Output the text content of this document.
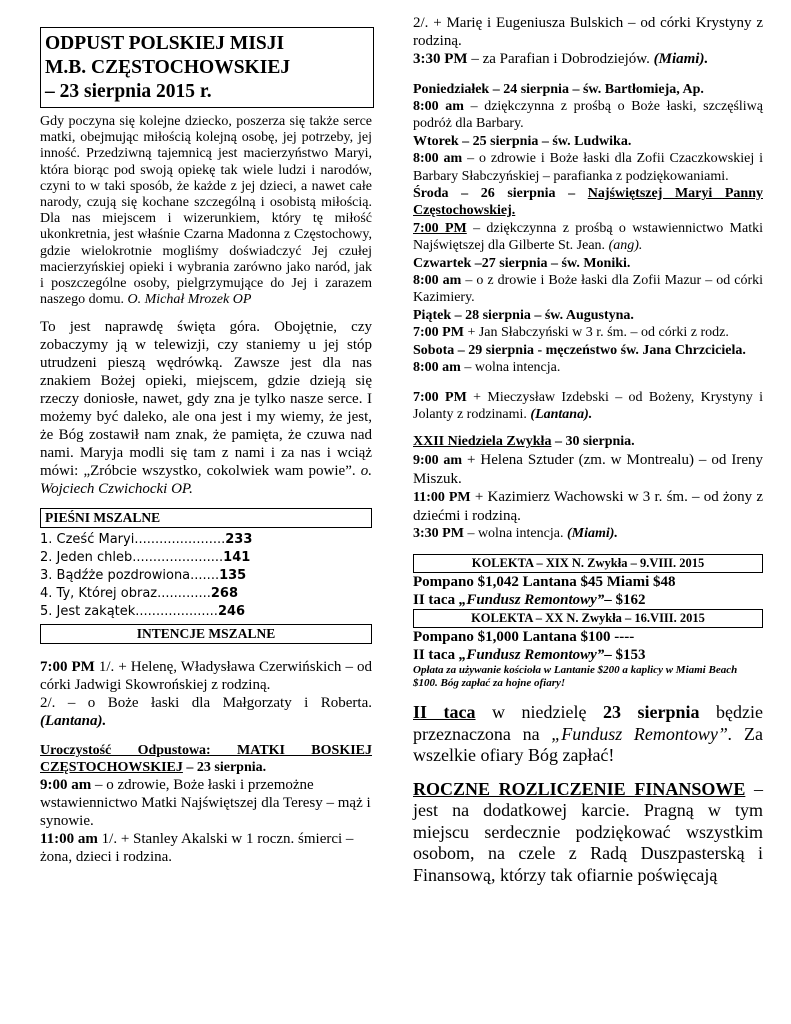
ODPUST POLSKIEJ MISJI
M.B. CZĘSTOCHOWSKIEJ
– 23 sierpnia 2015 r.

Gdy poczyna się kolejne dziecko, poszerza się także serce matki, obejmując miłością kolejną osobę, jej potrzeby, jej inność. Przedziwną tajemnicą jest macierzyństwo Maryi, która biorąc pod swoją opiekę tak wiele ludzi i narodów, czyni to w taki sposób, że każde z jej dzieci, a nawet całe narody, czują się kochane szczególną i osobistą miłością. Dla nas miejscem i wizerunkiem, który tę miłość ukonkretnia, jest właśnie Czarna Madonna z Częstochowy, gdzie wielokrotnie mogliśmy doświadczyć Jej czułej macierzyńskiej opieki i wybrania zarówno jako naród, jak i poszczególne osoby, pielgrzymujące do Jej i zarazem naszego domu. O. Michał Mrozek OP

To jest naprawdę święta góra. Obojętnie, czy zobaczymy ją w telewizji, czy staniemy u jej stóp utrudzeni pieszą wędrówką. Zawsze jest dla nas znakiem Bożej opieki, miejscem, gdzie dzieją się rzeczy doniosłe, nawet, gdy zna je tylko nasze serce. I możemy być daleko, ale ona jest i my wiemy, że jest, że Bóg zostawił nam znak, że pamięta, że czuwa nad nami. Maryja modli się tam z nami i za nas i wciąż mówi: „Zróbcie wszystko, cokolwiek wam powie”. o. Wojciech Czwichocki OP.

PIEŚNI MSZALNE
1. Cześć Maryi ...................... 233
2. Jeden chleb ...................... 141
3. Bądźże pozdrowiona ....... 135
4. Ty, Której obraz ............. 268
5. Jest zakątek .................... 246
INTENCJE MSZALNE

7:00 PM 1/. + Helenę, Władysława Czerwińskich – od córki Jadwigi Skowrońskiej z rodziną.

2/. – o Boże łaski dla Małgorzaty i Roberta. (Lantana).

Uroczystość Odpustowa: MATKI BOSKIEJ CZĘSTOCHOWSKIEJ – 23 sierpnia.

9:00 am – o zdrowie, Boże łaski i przemożne wstawiennictwo Matki Najświętszej dla Teresy – mąż i synowie.

11:00 am 1/. + Stanley Akalski w 1 roczn. śmierci – żona, dzieci i rodzina.

2/. + Marię i Eugeniusza Bulskich – od córki Krystyny z rodziną.
3:30 PM – za Parafian i Dobrodziejów. (Miami).

Poniedziałek – 24 sierpnia – św. Bartłomieja, Ap.

8:00 am – dziękczynna z prośbą o Boże łaski, szczęśliwą podróż dla Barbary.

Wtorek – 25 sierpnia – św. Ludwika.

8:00 am – o zdrowie i Boże łaski dla Zofii Czaczkowskiej i Barbary Słabczyńskiej – parafianka z podziękowaniami.

Środa – 26 sierpnia – Najświętszej Maryi Panny Częstochowskiej.

7:00 PM – dziękczynna z prośbą o wstawiennictwo Matki Najświętszej dla Gilberte St. Jean. (ang).

Czwartek –27 sierpnia – św. Moniki.

8:00 am – o z drowie i Boże łaski dla Zofii Mazur – od córki Kazimiery.

Piątek – 28 sierpnia – św. Augustyna.

7:00 PM + Jan Słabczyński w 3 r. śm. – od córki z rodz.

Sobota – 29 sierpnia - męczeństwo św. Jana Chrzciciela.

8:00 am – wolna intencja.

7:00 PM + Mieczysław Izdebski – od Bożeny, Krystyny i Jolanty z rodzinami. (Lantana).

XXII Niedziela Zwykła – 30 sierpnia.

9:00 am + Helena Sztuder (zm. w Montrealu) – od Ireny Miszuk.

11:00 PM + Kazimierz Wachowski w 3 r. śm. – od żony z dziećmi i rodziną.

3:30 PM – wolna intencja. (Miami).

KOLEKTA – XIX N. Zwykła – 9.VIII. 2015

Pompano $1,042 Lantana $45 Miami $48

II taca „Fundusz Remontowy”– $162

KOLEKTA – XX N. Zwykła – 16.VIII. 2015

Pompano $1,000 Lantana $100 ----

II taca „Fundusz Remontowy”– $153

Opłata za używanie kościoła w Lantanie $200 a kaplicy w Miami Beach $100. Bóg zapłać za hojne ofiary!

II taca w niedzielę 23 sierpnia będzie przeznaczona na „Fundusz Remontowy”. Za wszelkie ofiary Bóg zapłać!

ROCZNE ROZLICZENIE FINANSOWE – jest na dodatkowej karcie. Pragną w tym miejscu serdecznie podziękować wszystkim osobom, na czele z Radą Duszpasterską i Finansową, którzy tak ofiarnie poświęcają
